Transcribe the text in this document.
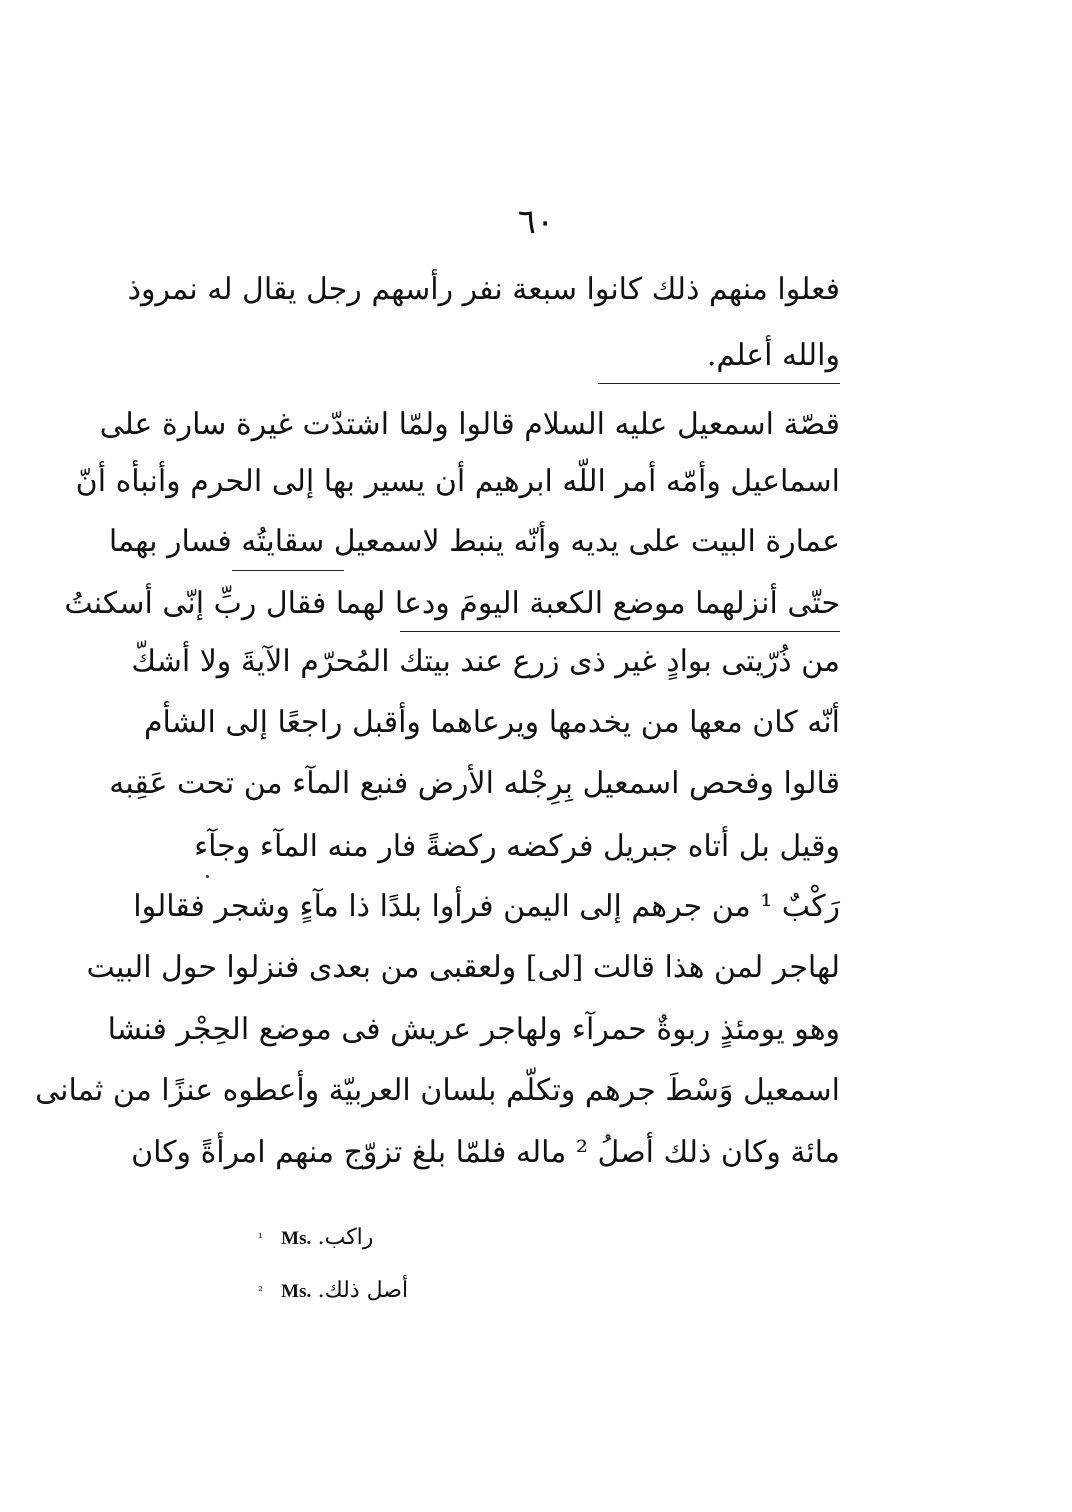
٦٠
فعلوا منهم ذلك كانوا سبعة نفر رأسهم رجل يقال له نمروذ
والله أعلم.
قصّة اسمعيل عليه السلام قالوا ولمّا اشتدّت غيرة سارة على
اسماعيل وأمّه أمر اللّه ابرهيم أن يسير بها إلى الحرم وأنبأه أنّ
عمارة البيت على يديه وأنّه ينبط لاسمعيل سقايتُه فسار بهما
حتّى أنزلهما موضع الكعبة اليومَ ودعا لهما فقال ربِّ إنّى أسكنتُ
من ذُرّيتى بوادٍ غير ذى زرع عند بيتك المُحرّم الآيةَ ولا أشكّ
أنّه كان معها من يخدمها ويرعاهما وأقبل راجعًا إلى الشأم
قالوا وفحص اسمعيل بِرِجْله الأرض فنبع المآء من تحت عَقِبه
وقيل بل أتاه جبريل فركضه ركضةً فار منه المآء وجآء
رَكْبٌ ¹ من جرهم إلى اليمن فرأوا بلدًا ذا مآءٍ وشجر فقالوا
لهاجر لمن هذا قالت [لى] ولعقبى من بعدى فنزلوا حول البيت
وهو يومئذٍ ربوةٌ حمرآء ولهاجر عريش فى موضع الحِجْر فنشا
اسمعيل وَسْطَ جرهم وتكلّم بلسان العربيّة وأعطوه عنزًا من ثمانى
مائة وكان ذلك أصلُ ² ماله فلمّا بلغ تزوّج منهم امرأةً وكان
¹ Ms. راكب.
² Ms. أصل ذلك.
